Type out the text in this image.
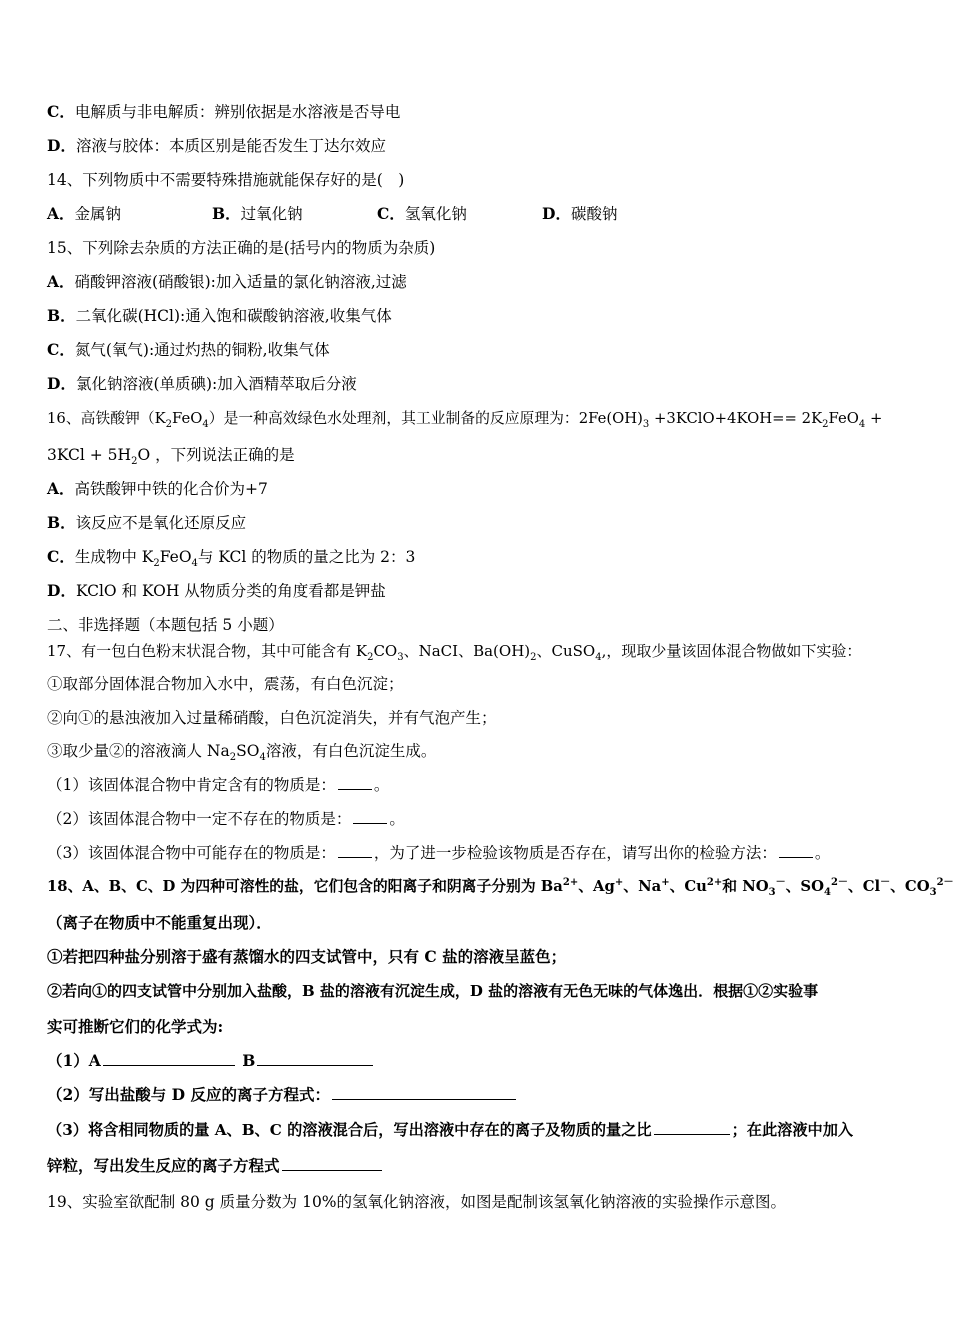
C．电解质与非电解质：辨别依据是水溶液是否导电
D．溶液与胶体：本质区别是能否发生丁达尔效应
14、下列物质中不需要特殊措施就能保存好的是(　)
A．金属钠	B．过氧化钠	C．氢氧化钠	D．碳酸钠
15、下列除去杂质的方法正确的是(括号内的物质为杂质)
A．硝酸钾溶液(硝酸银):加入适量的氯化钠溶液,过滤
B．二氧化碳(HCl):通入饱和碳酸钠溶液,收集气体
C．氮气(氧气):通过灼热的铜粉,收集气体
D．氯化钠溶液(单质碘):加入酒精萃取后分液
16、高铁酸钾$(K_2FeO_4)$是一种高效绿色水处理剂，其工业制备的反应原理为：$2Fe(OH)_3$ +3KClO+4KOH== $2K_2FeO_4$ +
$3KCl + 5H_2O$ ，下列说法正确的是
A．高铁酸钾中铁的化合价为+7
B．该反应不是氧化还原反应
C．生成物中 $K_2FeO_4$与 KCl 的物质的量之比为 2：3
D．KClO 和 KOH 从物质分类的角度看都是钾盐
二、非选择题（本题包括 5 小题）
17、有一包白色粉末状混合物，其中可能含有 $K_2CO_3$、NaCI、$Ba(OH)_2$、CuSO$_4$,，现取少量该固体混合物做如下实验：
①取部分固体混合物加入水中，震荡，有白色沉淀；
②向①的悬浊液加入过量稀硝酸，白色沉淀消失，并有气泡产生；
③取少量②的溶液滴人 $Na_2SO_4$溶液，有白色沉淀生成。
（1）该固体混合物中肯定含有的物质是： 。
（2）该固体混合物中一定不存在的物质是： 。
（3）该固体混合物中可能存在的物质是： ，为了进一步检验该物质是否存在，请写出你的检验方法： 。
18、A、B、C、D 为四种可溶性的盐，它们包含的阳离子和阴离子分别为 $Ba^{2+}$、Ag+、Na+、$Cu^{2+}$和 $NO_3^-$、$SO_4^{2-}$、Cl－、$CO_3^{2-}$
（离子在物质中不能重复出现）．
①若把四种盐分别溶于盛有蒸馏水的四支试管中，只有 C 盐的溶液呈蓝色；
②若向①的四支试管中分别加入盐酸，B 盐的溶液有沉淀生成，D 盐的溶液有无色无味的气体逸出．根据①②实验事
实可推断它们的化学式为:
（1）A	B
（2）写出盐酸与 D 反应的离子方程式：
（3）将含相同物质的量 A、B、C 的溶液混合后，写出溶液中存在的离子及物质的量之比	；在此溶液中加入
锌粒，写出发生反应的离子方程式
19、实验室欲配制 80 g 质量分数为 10%的氢氧化钠溶液，如图是配制该氢氧化钠溶液的实验操作示意图。
